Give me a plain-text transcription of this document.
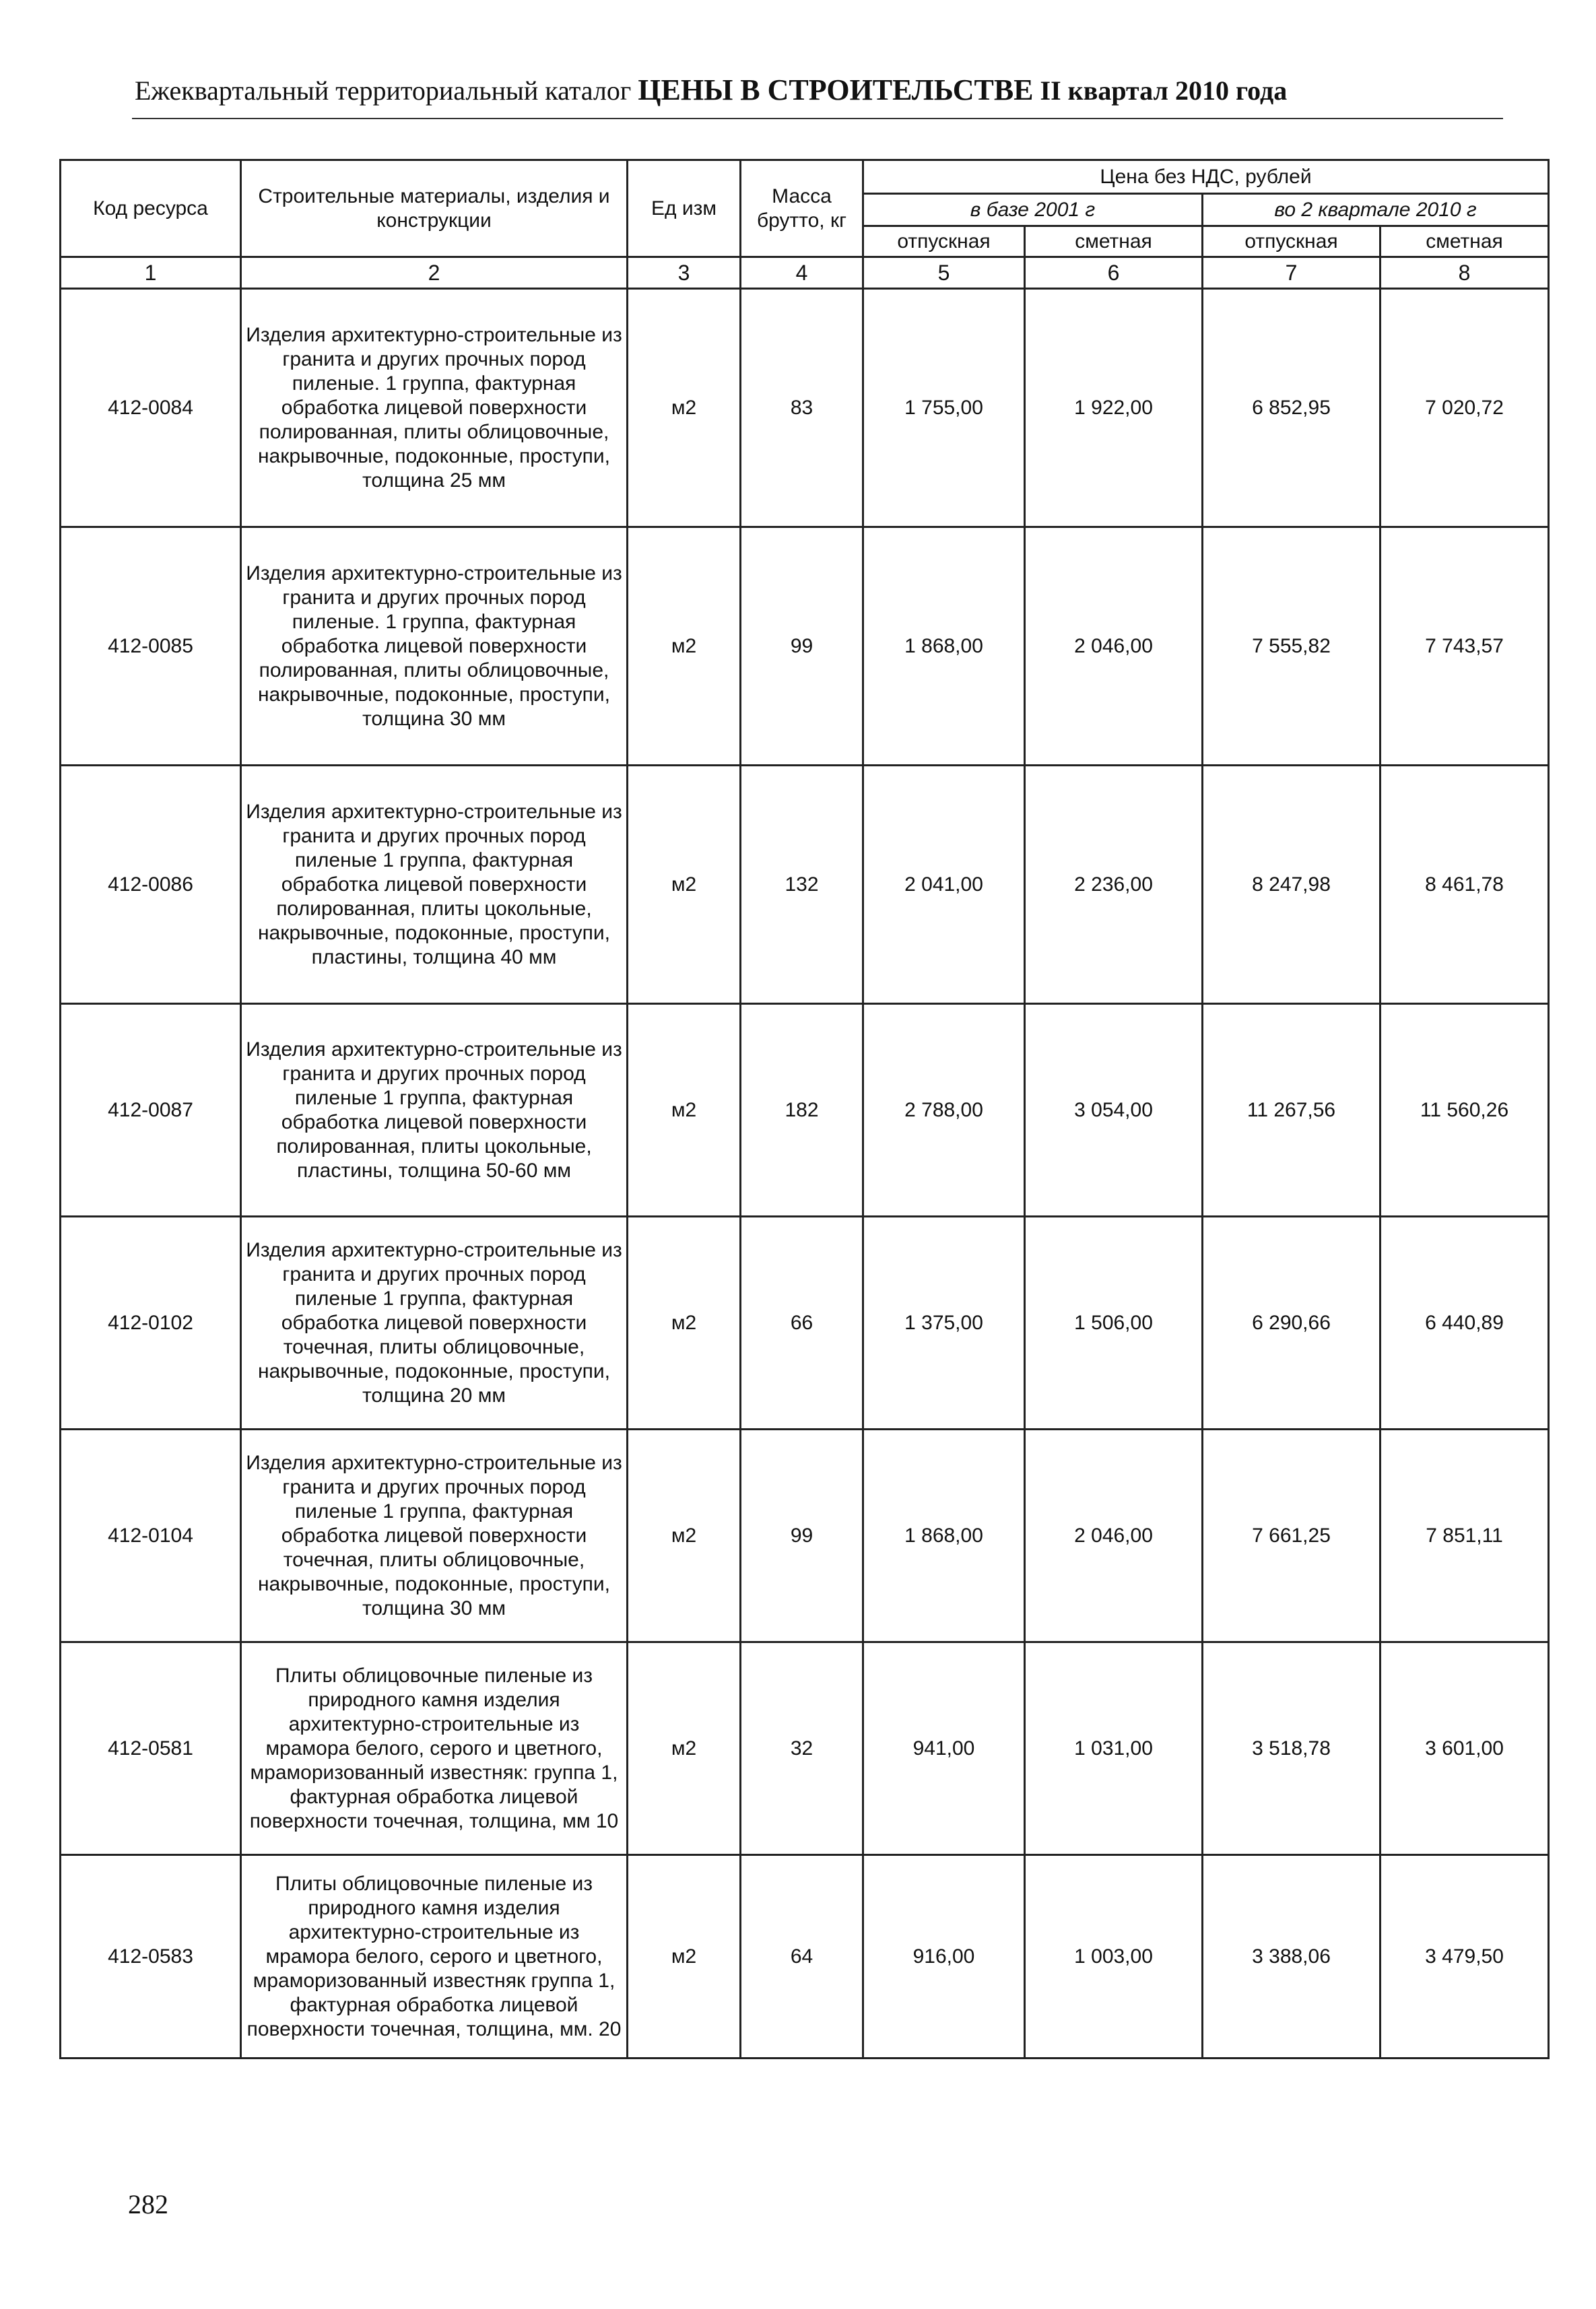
Ежеквартальный территориальный каталог ЦЕНЫ В СТРОИТЕЛЬСТВЕ II квартал 2010 года
Код ресурса	Строительные материалы, изделия и конструкции	Ед изм	Масса брутто, кг	Цена без НДС, рублей			
				в базе 2001 г		во 2 квартале 2010 г	
				отпускная	сметная	отпускная	сметная
1	2	3	4	5	6	7	8
412-0084	Изделия архитектурно-строительные из гранита и других прочных пород пиленые. 1 группа, фактурная обработка лицевой поверхности полированная, плиты облицовочные, накрывочные, подоконные, проступи, толщина 25 мм	м2	83	1 755,00	1 922,00	6 852,95	7 020,72
412-0085	Изделия архитектурно-строительные из гранита и других прочных пород пиленые. 1 группа, фактурная обработка лицевой поверхности полированная, плиты облицовочные, накрывочные, подоконные, проступи, толщина 30 мм	м2	99	1 868,00	2 046,00	7 555,82	7 743,57
412-0086	Изделия архитектурно-строительные из гранита и других прочных пород пиленые 1 группа, фактурная обработка лицевой поверхности полированная, плиты цокольные, накрывочные, подоконные, проступи, пластины, толщина 40 мм	м2	132	2 041,00	2 236,00	8 247,98	8 461,78
412-0087	Изделия архитектурно-строительные из гранита и других прочных пород пиленые 1 группа, фактурная обработка лицевой поверхности полированная, плиты цокольные, пластины, толщина 50-60 мм	м2	182	2 788,00	3 054,00	11 267,56	11 560,26
412-0102	Изделия архитектурно-строительные из гранита и других прочных пород пиленые 1 группа, фактурная обработка лицевой поверхности точечная, плиты облицовочные, накрывочные, подоконные, проступи, толщина 20 мм	м2	66	1 375,00	1 506,00	6 290,66	6 440,89
412-0104	Изделия архитектурно-строительные из гранита и других прочных пород пиленые 1 группа, фактурная обработка лицевой поверхности точечная, плиты облицовочные, накрывочные, подоконные, проступи, толщина 30 мм	м2	99	1 868,00	2 046,00	7 661,25	7 851,11
412-0581	Плиты облицовочные пиленые из природного камня изделия архитектурно-строительные из мрамора белого, серого и цветного, мраморизованный известняк: группа 1, фактурная обработка лицевой поверхности точечная, толщина, мм 10	м2	32	941,00	1 031,00	3 518,78	3 601,00
412-0583	Плиты облицовочные пиленые из природного камня изделия архитектурно-строительные из мрамора белого, серого и цветного, мраморизованный известняк группа 1, фактурная обработка лицевой поверхности точечная, толщина, мм. 20	м2	64	916,00	1 003,00	3 388,06	3 479,50
282
